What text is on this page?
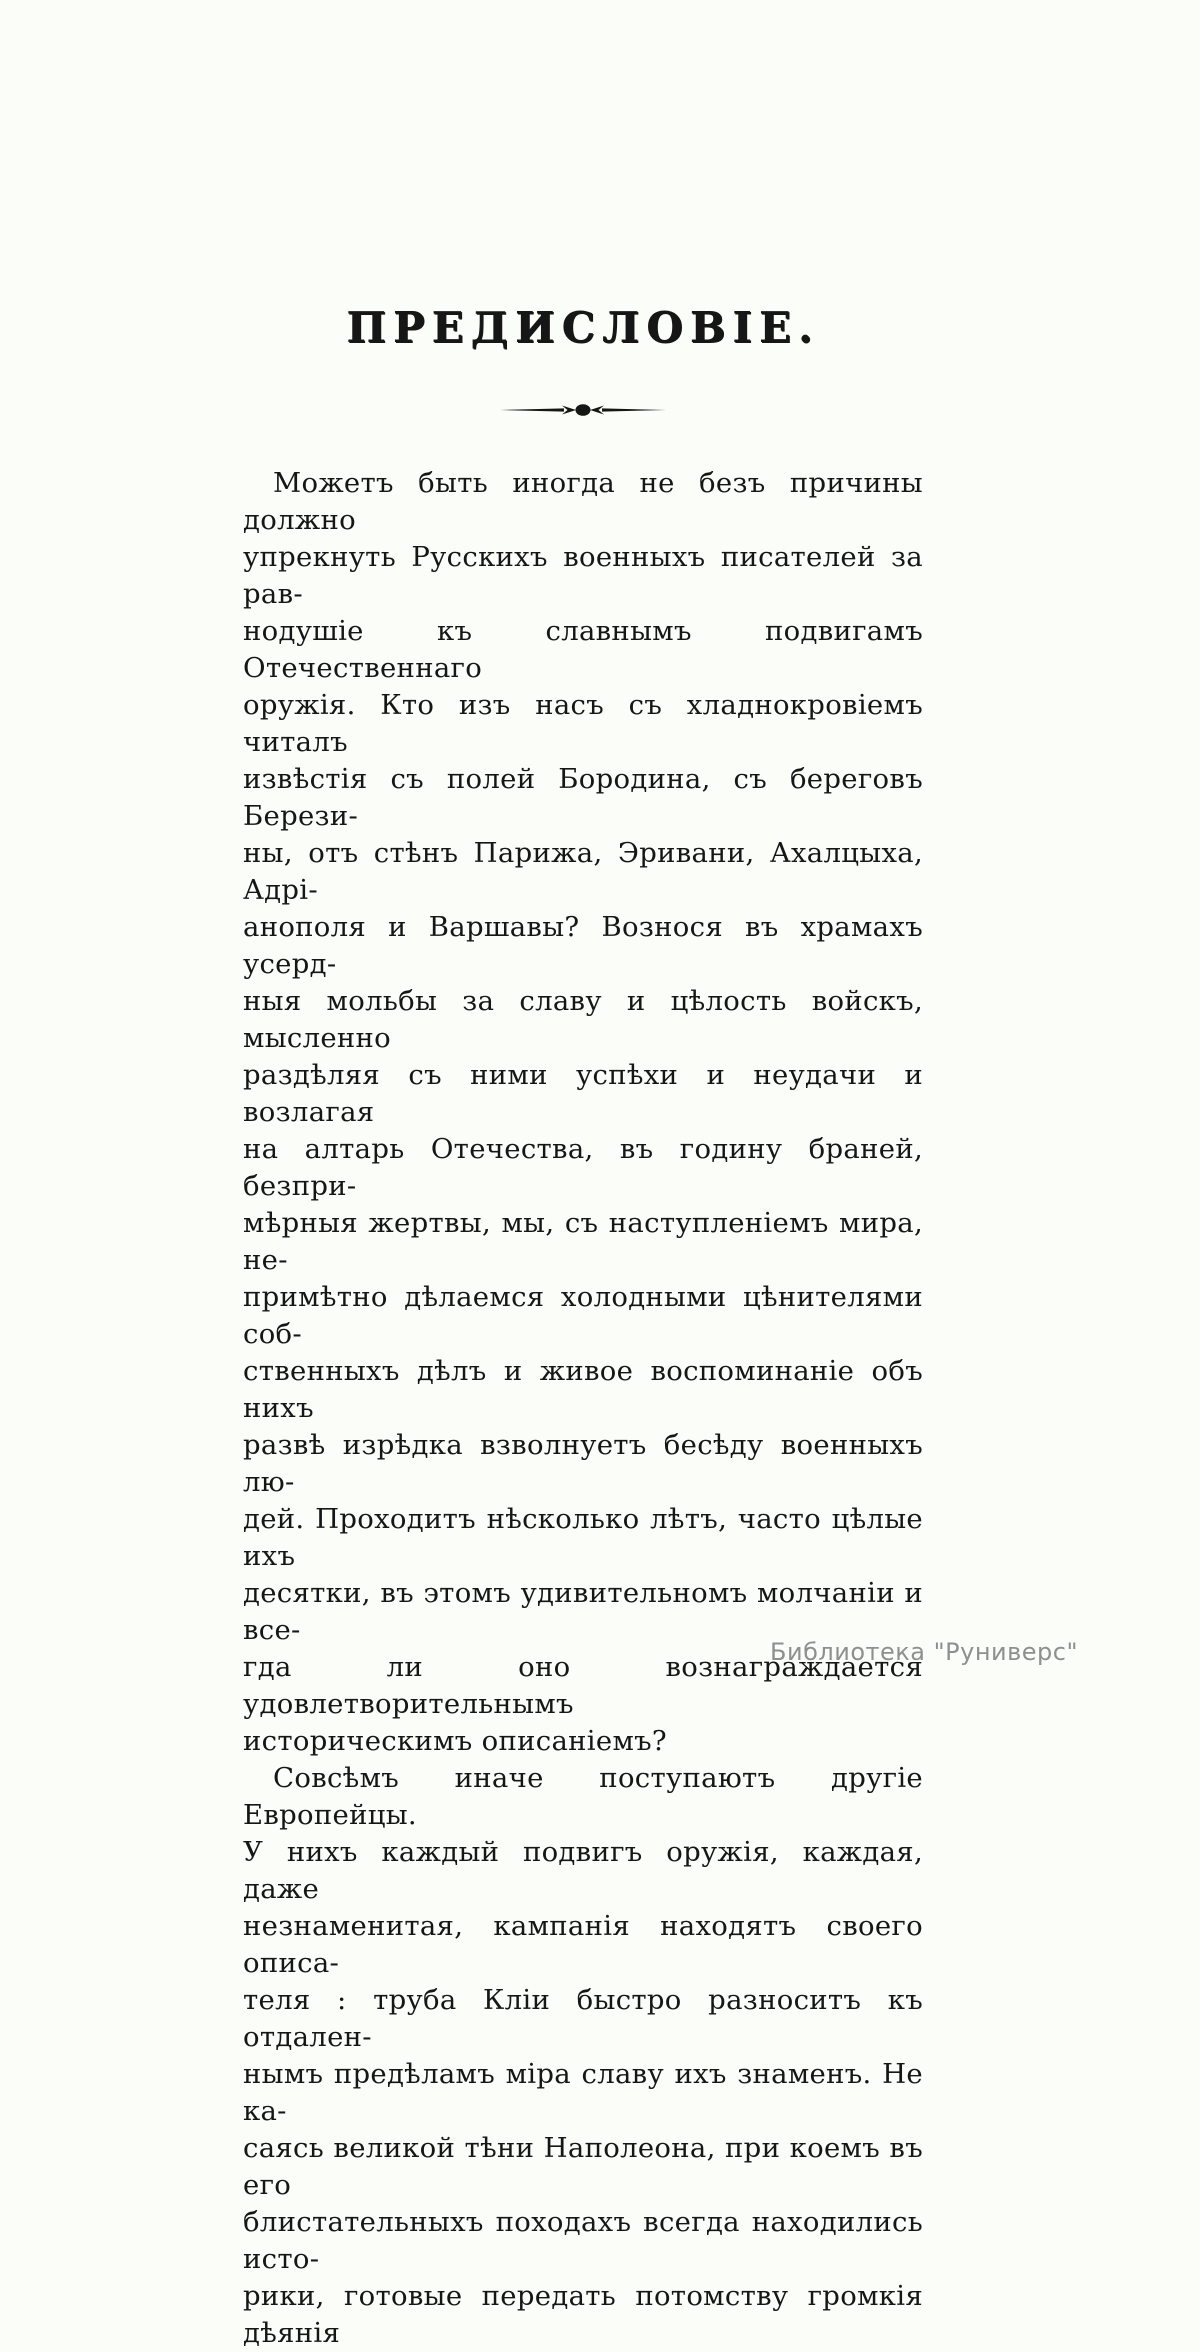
ПРЕДИСЛОВІЕ.
Можетъ быть иногда не безъ причины должно
упрекнуть Русскихъ военныхъ писателей за рав-
нодушіе къ славнымъ подвигамъ Отечественнаго
оружія. Кто изъ насъ съ хладнокровіемъ читалъ
извѣстія съ полей Бородина, съ береговъ Берези-
ны, отъ стѣнъ Парижа, Эривани, Ахалцыха, Адрі-
анополя и Варшавы? Вознося въ храмахъ усерд-
ныя мольбы за славу и цѣлость войскъ, мысленно
раздѣляя съ ними успѣхи и неудачи и возлагая
на алтарь Отечества, въ годину браней, безпри-
мѣрныя жертвы, мы, съ наступленіемъ мира, не-
примѣтно дѣлаемся холодными цѣнителями соб-
ственныхъ дѣлъ и живое воспоминаніе объ нихъ
развѣ изрѣдка взволнуетъ бесѣду военныхъ лю-
дей. Проходитъ нѣсколько лѣтъ, часто цѣлые ихъ
десятки, въ этомъ удивительномъ молчаніи и все-
гда ли оно вознаграждается удовлетворительнымъ
историческимъ описаніемъ?
Совсѣмъ иначе поступаютъ другіе Европейцы.
У нихъ каждый подвигъ оружія, каждая, даже
незнаменитая, кампанія находятъ своего описа-
теля : труба Кліи быстро разноситъ къ отдален-
нымъ предѣламъ міра славу ихъ знаменъ. Не ка-
саясь великой тѣни Наполеона, при коемъ въ его
блистательныхъ походахъ всегда находились исто-
рики, готовые передать потомству громкія дѣянія
Библиотека "Руниверс"
